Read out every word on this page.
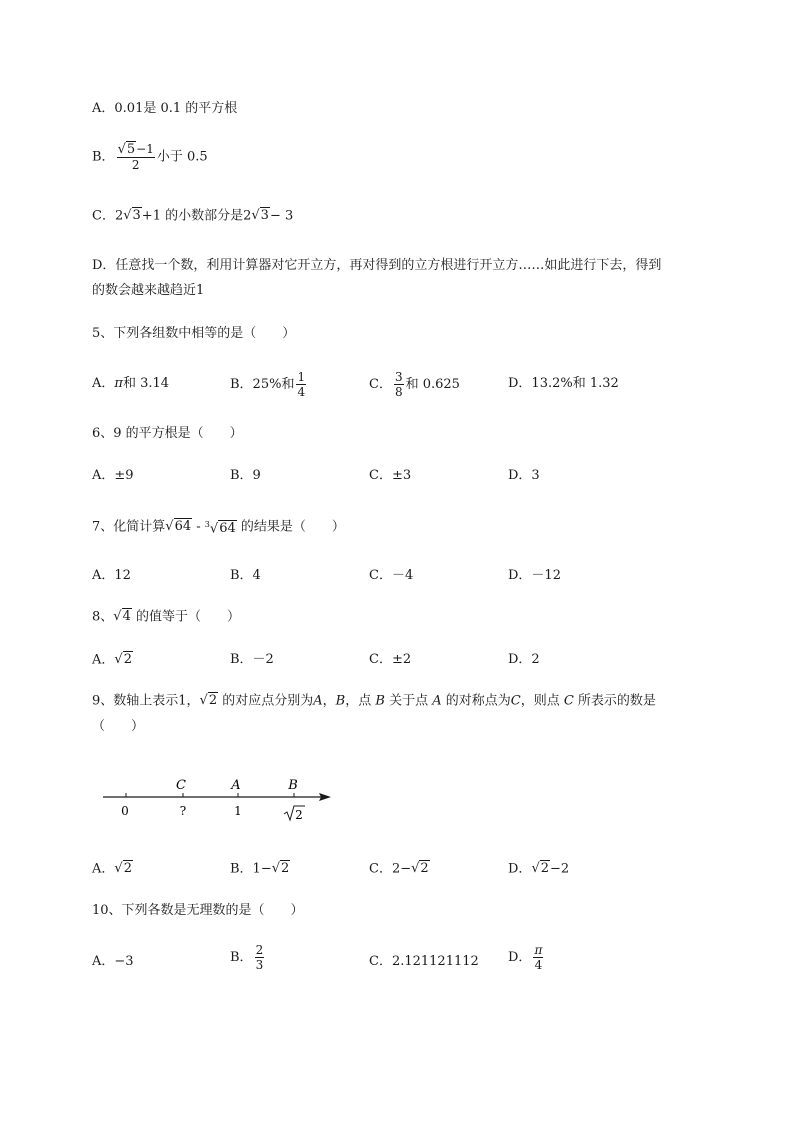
A．0.01是 0.1 的平方根
B． $\frac{√5-1}{2}$ 小于 0.5
C．2√3+1 的小数部分是2√3− 3
D．任意找一个数，利用计算器对它开立方，再对得到的立方根进行开立方……如此进行下去，得到
的数会越来越趋近1
5、下列各组数中相等的是（　　）
A．π和 3.14	B．25%和 $\frac{1}{4}$	C． $\frac{3}{8}$ 和 0.625	D．13.2%和 1.32
6、9 的平方根是（　　）
A．±9	B．9	C．±3	D．3
7、化简计算√64 - $^3$√64 的结果是（　　）
A．12	B．4	C．－4	D．－12
8、√4 的值等于（　　）
A．√2	B．－2	C．±2	D．2
9、数轴上表示1，√2 的对应点分别为A，B，点 B 关于点 A 的对称点为C，则点 C 所表示的数是
（　　）
C	A	B
0	?	1	2
A．√2	B．1−√2	C．2−√2	D．√2−2
10、下列各数是无理数的是（　　）
A．−3	B． $\frac{2}{3}$	C．2.121121112 D． $\frac{\pi}{4}$
